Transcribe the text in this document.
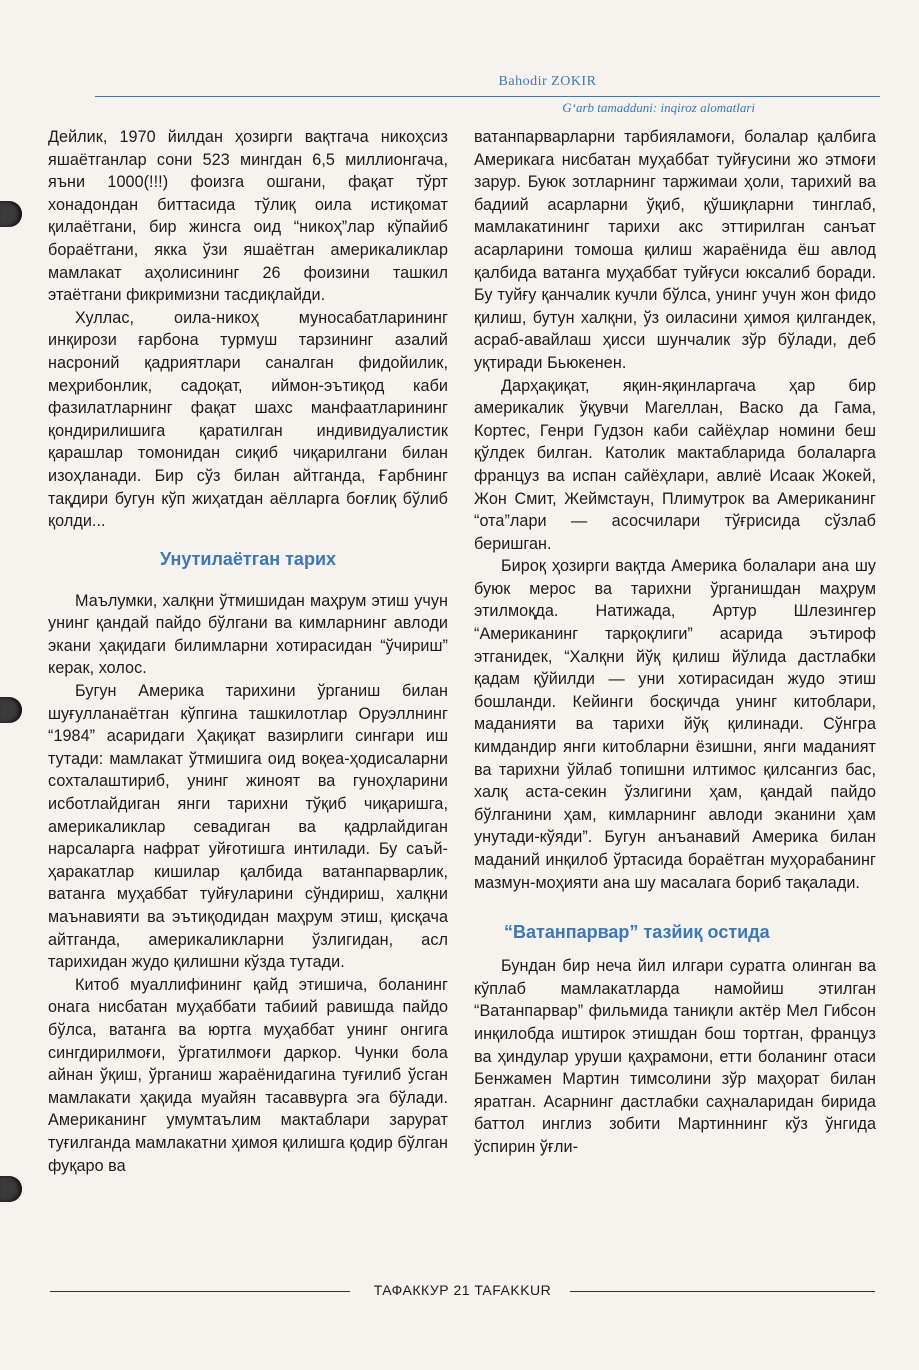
Bahodir ZOKIR
G‘arb tamadduni: inqiroz alomatlari

Дейлик, 1970 йилдан ҳозирги вақтгача никоҳсиз яшаётганлар сони 523 мингдан 6,5 миллионгача, яъни 1000(!!!) фоизга ошгани, фақат тўрт хонадондан биттасида тўлиқ оила истиқомат қилаётгани, бир жинсга оид “никоҳ”лар кўпайиб бораётгани, якка ўзи яшаётган америкаликлар мамлакат аҳолисининг 26 фоизини ташкил этаётгани фикримизни тасдиқлайди.

Хуллас, оила-никоҳ муносабатларининг инқирози ғарбона турмуш тарзининг азалий насроний қадриятлари саналган фидойилик, меҳрибонлик, садоқат, иймон-эътиқод каби фазилатларнинг фақат шахс манфаатларининг қондирилишига қаратилган индивидуалистик қарашлар томонидан сиқиб чиқарилгани билан изоҳланади. Бир сўз билан айтганда, Ғарбнинг тақдири бугун кўп жиҳатдан аёлларга боғлиқ бўлиб қолди...

Унутилаётган тарих

Маълумки, халқни ўтмишидан маҳрум этиш учун унинг қандай пайдо бўлгани ва кимларнинг авлоди экани ҳақидаги билимларни хотирасидан “ўчириш” керак, холос.

Бугун Америка тарихини ўрганиш билан шуғулланаётган кўпгина ташкилотлар Оруэллнинг “1984” асаридаги Ҳақиқат вазирлиги сингари иш тутади: мамлакат ўтмишига оид воқеа-ҳодисаларни сохталаштириб, унинг жиноят ва гуноҳларини исботлайдиган янги тарихни тўқиб чиқаришга, америкаликлар севадиган ва қадрлайдиган нарсаларга нафрат уйғотишга интилади. Бу саъй-ҳаракатлар кишилар қалбида ватанпарварлик, ватанга муҳаббат туйғуларини сўндириш, халқни маънавияти ва эътиқодидан маҳрум этиш, қисқача айтганда, америкаликларни ўзлигидан, асл тарихидан жудо қилишни кўзда тутади.

Китоб муаллифининг қайд этишича, боланинг онага нисбатан муҳаббати табиий равишда пайдо бўлса, ватанга ва юртга муҳаббат унинг онгига сингдирилмоғи, ўргатилмоғи даркор. Чунки бола айнан ўқиш, ўрганиш жараёнидагина туғилиб ўсган мамлакати ҳақида муайян тасаввурга эга бўлади. Американинг умумтаълим мактаблари зарурат туғилганда мамлакатни ҳимоя қилишга қодир бўлган фуқаро ва

ватанпарварларни тарбияламоғи, болалар қалбига Америкага нисбатан муҳаббат туйғусини жо этмоғи зарур. Буюк зотларнинг таржимаи ҳоли, тарихий ва бадиий асарларни ўқиб, қўшиқларни тинглаб, мамлакатининг тарихи акс эттирилган санъат асарларини томоша қилиш жараёнида ёш авлод қалбида ватанга муҳаббат туйғуси юксалиб боради. Бу туйғу қанчалик кучли бўлса, унинг учун жон фидо қилиш, бутун халқни, ўз оиласини ҳимоя қилгандек, асраб-авайлаш ҳисси шунчалик зўр бўлади, деб уқтиради Бьюкенен.

Дарҳақиқат, яқин-яқинларгача ҳар бир америкалик ўқувчи Магеллан, Васко да Гама, Кортес, Генри Гудзон каби сайёҳлар номини беш қўлдек билган. Католик мактабларида болаларга француз ва испан сайёҳлари, авлиё Исаак Жокей, Жон Смит, Жеймстаун, Плимутрок ва Американинг “ота”лари — асосчилари тўғрисида сўзлаб беришган.

Бироқ ҳозирги вақтда Америка болалари ана шу буюк мерос ва тарихни ўрганишдан маҳрум этилмоқда. Натижада, Артур Шлезингер “Американинг тарқоқлиги” асарида эътироф этганидек, “Халқни йўқ қилиш йўлида дастлабки қадам қўйилди — уни хотирасидан жудо этиш бошланди. Кейинги босқичда унинг китоблари, маданияти ва тарихи йўқ қилинади. Сўнгра кимдандир янги китобларни ёзишни, янги маданият ва тарихни ўйлаб топишни илтимос қилсангиз бас, халқ аста-секин ўзлигини ҳам, қандай пайдо бўлганини ҳам, кимларнинг авлоди эканини ҳам унутади-кўяди”. Бугун анъанавий Америка билан маданий инқилоб ўртасида бораётган муҳорабанинг мазмун-моҳияти ана шу масалага бориб тақалади.

“Ватанпарвар” тазйиқ остида

Бундан бир неча йил илгари суратга олинган ва кўплаб мамлакатларда намойиш этилган “Ватанпарвар” фильмида таниқли актёр Мел Гибсон инқилобда иштирок этишдан бош тортган, француз ва ҳиндулар уруши қаҳрамони, етти боланинг отаси Бенжамен Мартин тимсолини зўр маҳорат билан яратган. Асарнинг дастлабки саҳналаридан бирида баттол инглиз зобити Мартиннинг кўз ўнгида ўспирин ўғли-

ТАФАККУР 21 TAFAKKUR
